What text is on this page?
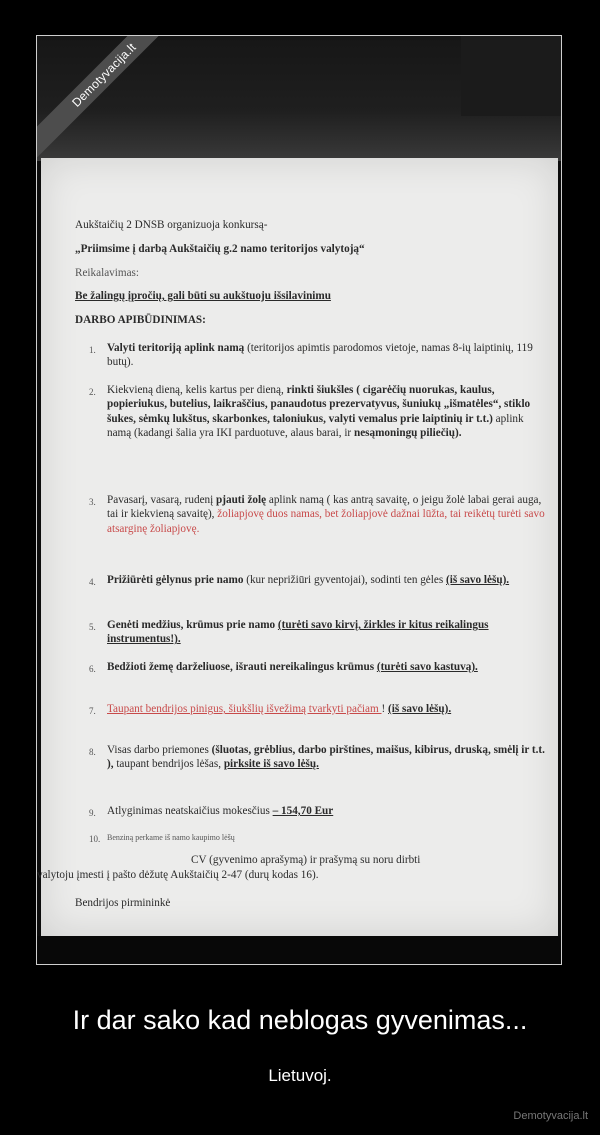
Demotyvacija.lt
Aukštaičių 2 DNSB organizuoja konkursą-
„Priimsime į darbą Aukštaičių g.2 namo teritorijos valytoją“
Reikalavimas:
Be žalingų įpročių, gali būti su aukštuoju išsilavinimu
DARBO APIBŪDINIMAS:
1. Valyti teritoriją aplink namą (teritorijos apimtis parodomos vietoje, namas 8-ių laiptinių, 119 butų).
2. Kiekvieną dieną, kelis kartus per dieną, rinkti šiukšles ( cigarėčių nuorukas, kaulus, popieriukus, butelius, laikraščius, panaudotus prezervatyvus, šuniukų „išmatėles“, stiklo šukes, sėmkų lukštus, skarbonkes, taloniukus, valyti vemalus prie laiptinių ir t.t.) aplink namą (kadangi šalia yra IKI parduotuve, alaus barai, ir nesąmoningų piliečių).
3. Pavasarį, vasarą, rudenį pjauti žolę aplink namą ( kas antrą savaitę, o jeigu žolė labai gerai auga, tai ir kiekvieną savaitę), žoliapjovę duos namas, bet žoliapjovė dažnai lūžta, tai reikėtų turėti savo atsarginę žoliapjovę.
4. Prižiūrėti gėlynus prie namo (kur neprižiūri gyventojai), sodinti ten gėles (iš savo lėšų).
5. Genėti medžius, krūmus prie namo (turėti savo kirvį, žirkles ir kitus reikalingus instrumentus!).
6. Bedžioti žemę darželiuose, išrauti nereikalingus krūmus (turėti savo kastuvą).
7. Taupant bendrijos pinigus, šiukšlių išvežimą tvarkyti pačiam ! (iš savo lėšų).
8. Visas darbo priemones (šluotas, grėblius, darbo pirštines, maišus, kibirus, druską, smėlį ir t.t. ), taupant bendrijos lėšas, pirksite iš savo lėšų.
9. Atlyginimas neatskaičius mokesčius – 154,70 Eur
10. Benziną perkame iš namo kaupimo lėšų
CV (gyvenimo aprašymą) ir prašymą su noru dirbti
valytoju įmesti į pašto dėžutę Aukštaičių 2-47 (durų kodas 16).
Bendrijos pirmininkė
Ir dar sako kad neblogas gyvenimas...
Lietuvoj.
Demotyvacija.lt
